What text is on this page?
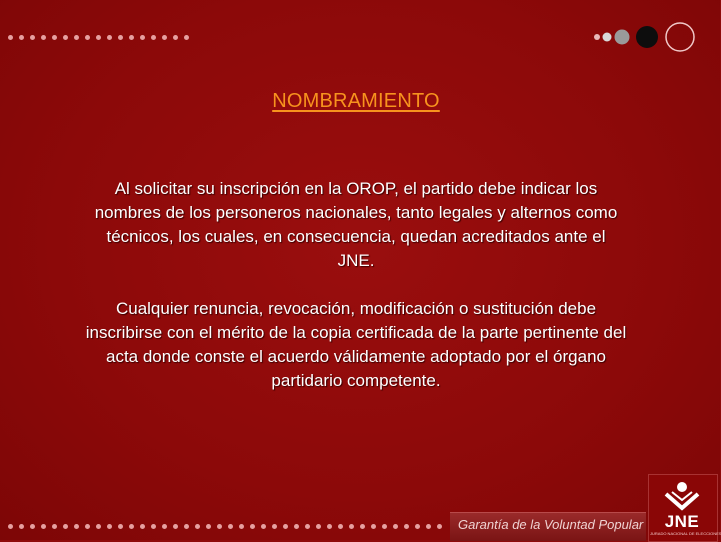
NOMBRAMIENTO
Al solicitar su inscripción en la OROP, el partido debe indicar los nombres de los personeros nacionales, tanto legales y alternos como técnicos, los cuales, en consecuencia, quedan acreditados ante el JNE.
Cualquier renuncia, revocación, modificación o sustitución debe inscribirse con el mérito de la copia certificada de la parte pertinente del acta donde conste el acuerdo válidamente adoptado por el órgano partidario competente.
Garantía de la Voluntad Popular	JNE
JURADO NACIONAL DE ELECCIONES
